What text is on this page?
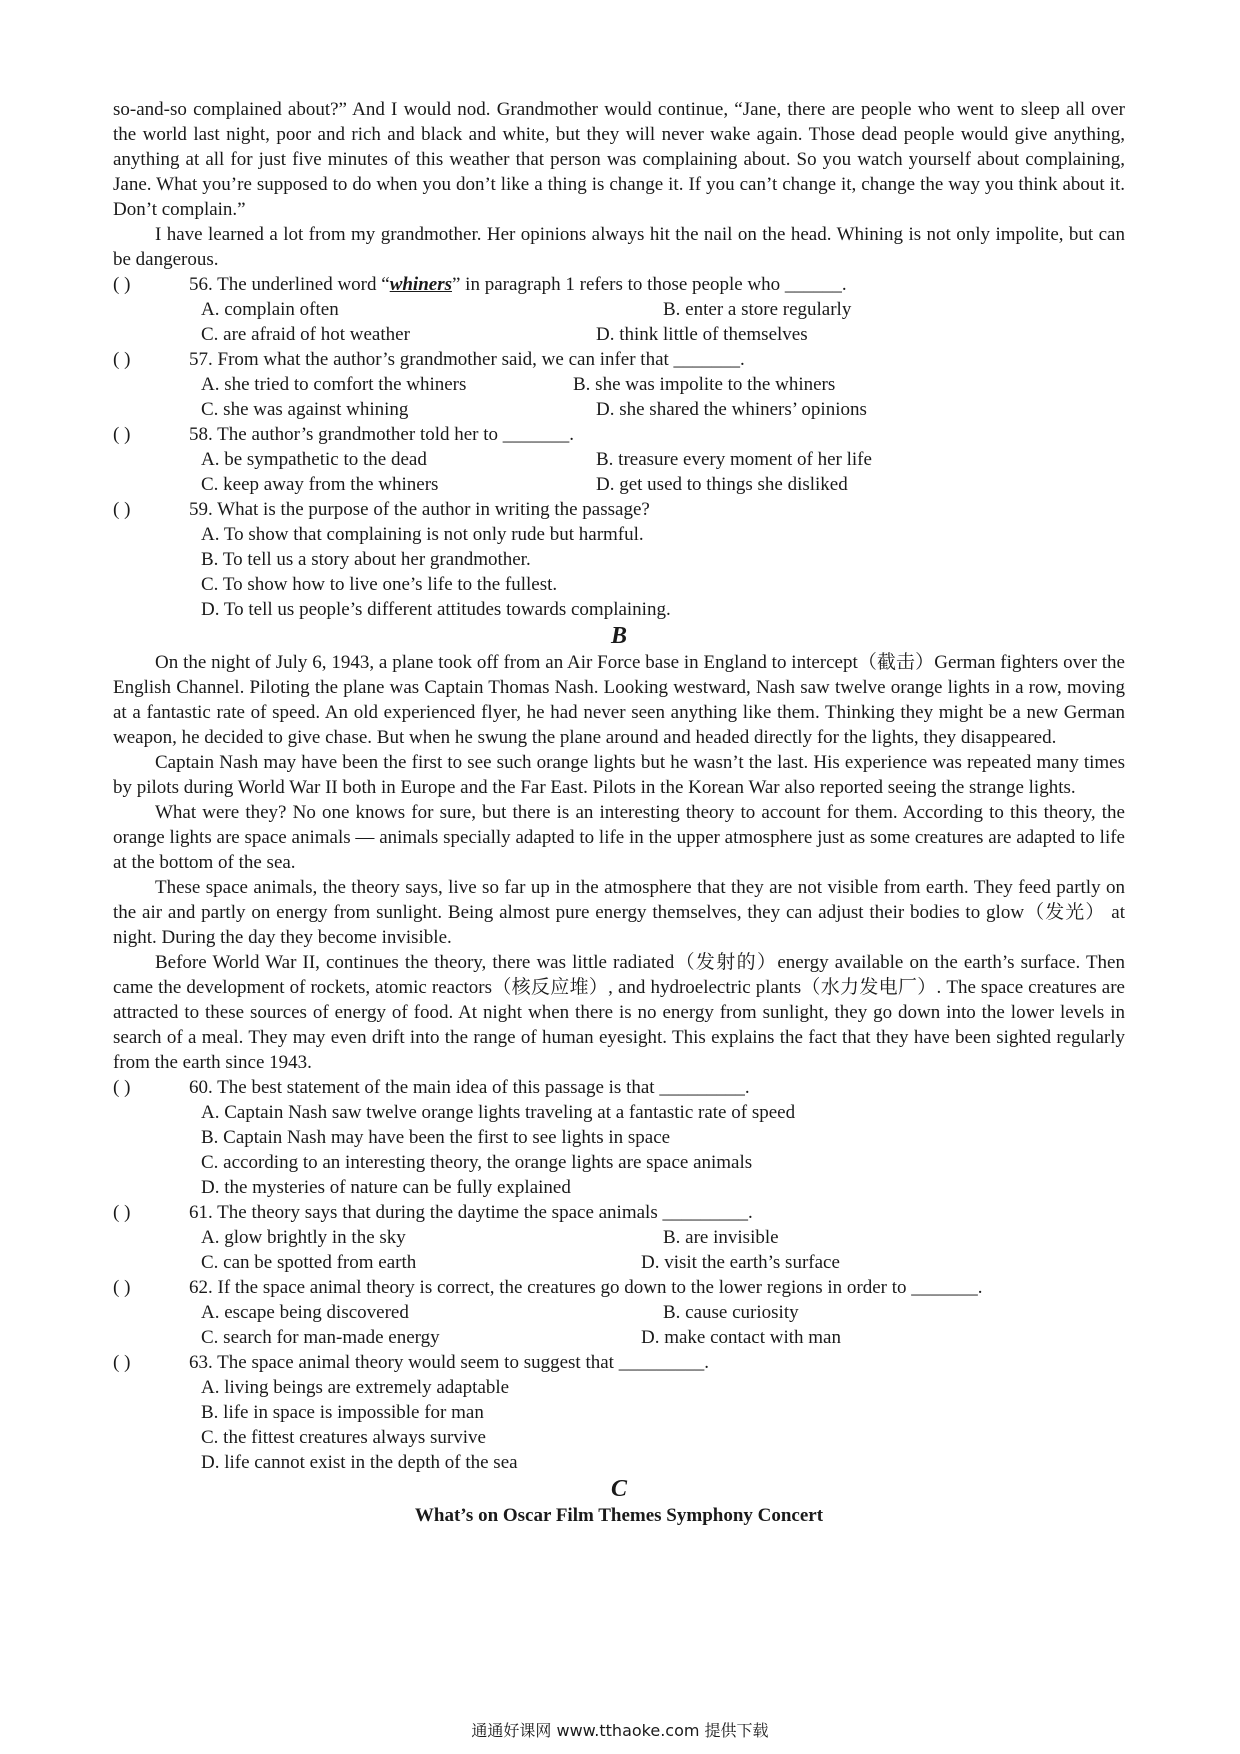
so-and-so complained about?” And I would nod. Grandmother would continue, “Jane, there are people who went to sleep all over the world last night, poor and rich and black and white, but they will never wake again. Those dead people would give anything, anything at all for just five minutes of this weather that person was complaining about. So you watch yourself about complaining, Jane. What you’re supposed to do when you don’t like a thing is change it. If you can’t change it, change the way you think about it. Don’t complain.”

I have learned a lot from my grandmother. Her opinions always hit the nail on the head. Whining is not only impolite, but can be dangerous.

( )	56. The underlined word “whiners” in paragraph 1 refers to those people who ______.
A. complain often	B. enter a store regularly
C. are afraid of hot weather	D. think little of themselves
( )	57. From what the author’s grandmother said, we can infer that _______.
A. she tried to comfort the whiners	B. she was impolite to the whiners
C. she was against whining	D. she shared the whiners’ opinions
( )	58. The author’s grandmother told her to _______.
A. be sympathetic to the dead	B. treasure every moment of her life
C. keep away from the whiners	D. get used to things she disliked
( )	59. What is the purpose of the author in writing the passage?
A. To show that complaining is not only rude but harmful.
B. To tell us a story about her grandmother.
C. To show how to live one’s life to the fullest.
D. To tell us people’s different attitudes towards complaining.
B

On the night of July 6, 1943, a plane took off from an Air Force base in England to intercept（截击）German fighters over the English Channel. Piloting the plane was Captain Thomas Nash. Looking westward, Nash saw twelve orange lights in a row, moving at a fantastic rate of speed. An old experienced flyer, he had never seen anything like them. Thinking they might be a new German weapon, he decided to give chase. But when he swung the plane around and headed directly for the lights, they disappeared.

Captain Nash may have been the first to see such orange lights but he wasn’t the last. His experience was repeated many times by pilots during World War II both in Europe and the Far East. Pilots in the Korean War also reported seeing the strange lights.

What were they? No one knows for sure, but there is an interesting theory to account for them. According to this theory, the orange lights are space animals — animals specially adapted to life in the upper atmosphere just as some creatures are adapted to life at the bottom of the sea.

These space animals, the theory says, live so far up in the atmosphere that they are not visible from earth. They feed partly on the air and partly on energy from sunlight. Being almost pure energy themselves, they can adjust their bodies to glow（发光） at night. During the day they become invisible.

Before World War II, continues the theory, there was little radiated（发射的）energy available on the earth’s surface. Then came the development of rockets, atomic reactors（核反应堆）, and hydroelectric plants（水力发电厂）. The space creatures are attracted to these sources of energy of food. At night when there is no energy from sunlight, they go down into the lower levels in search of a meal. They may even drift into the range of human eyesight. This explains the fact that they have been sighted regularly from the earth since 1943.

( )	60. The best statement of the main idea of this passage is that _________.
A. Captain Nash saw twelve orange lights traveling at a fantastic rate of speed
B. Captain Nash may have been the first to see lights in space
C. according to an interesting theory, the orange lights are space animals
D. the mysteries of nature can be fully explained
( )	61. The theory says that during the daytime the space animals _________.
A. glow brightly in the sky	B. are invisible
C. can be spotted from earth	D. visit the earth’s surface
( )	62. If the space animal theory is correct, the creatures go down to the lower regions in order to _______.
A. escape being discovered	B. cause curiosity
C. search for man-made energy	D. make contact with man
( )	63. The space animal theory would seem to suggest that _________.
A. living beings are extremely adaptable
B. life in space is impossible for man
C. the fittest creatures always survive
D. life cannot exist in the depth of the sea
C
What’s on Oscar Film Themes Symphony Concert
通通好课网 www.tthaoke.com 提供下载
